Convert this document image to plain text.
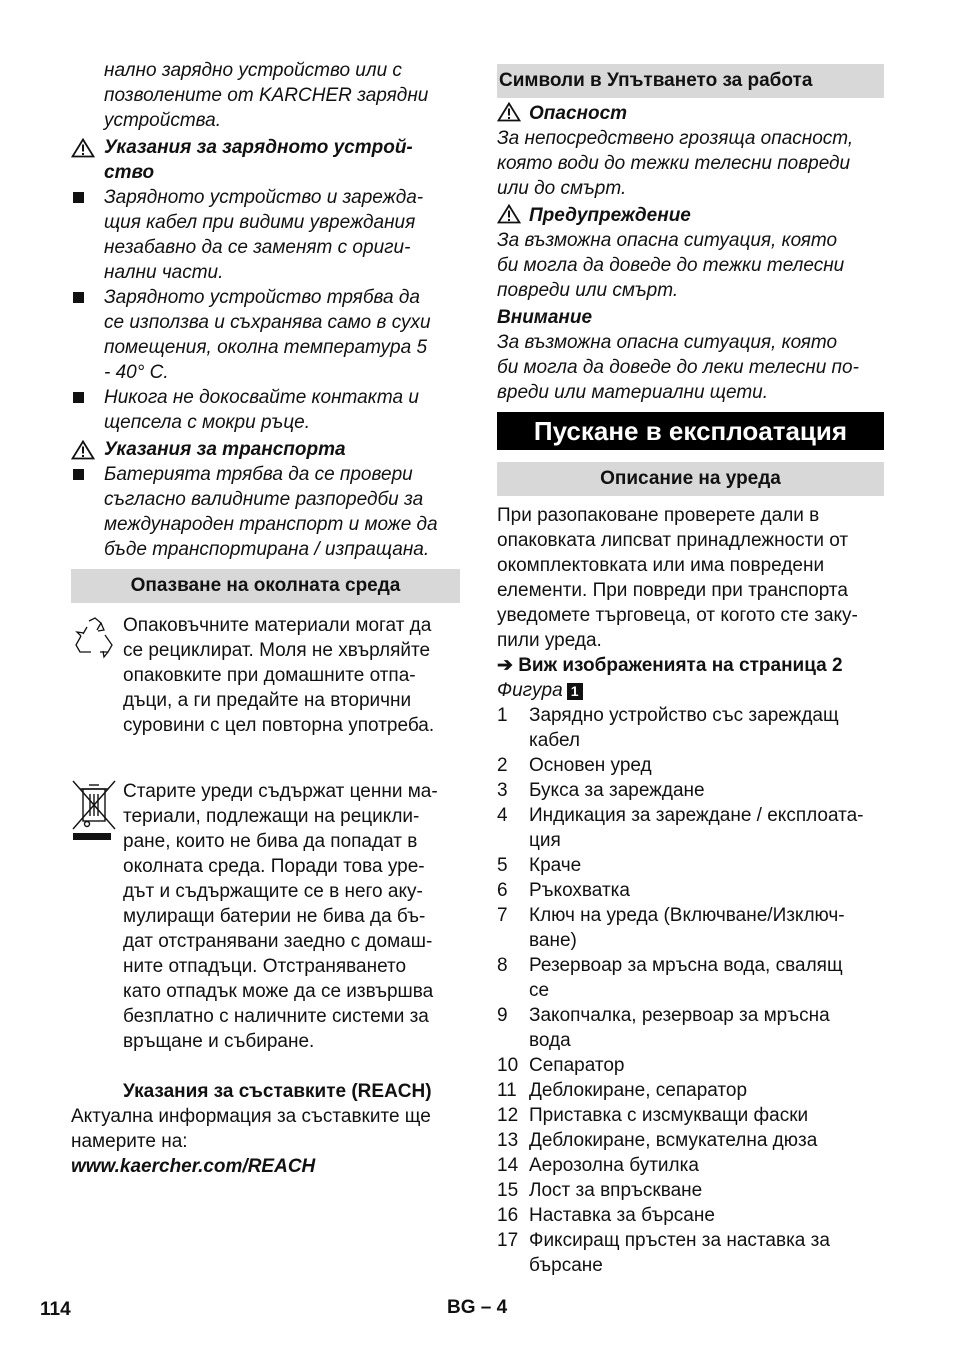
нално зарядно устройство или с
позволените от KARCHER зарядни
устройства.
Указания за зарядното устрой-
ство
Зарядното устройство и зарежда-
щия кабел при видими увреждания
незабавно да се заменят с ориги-
нални части.
Зарядното устройство трябва да
се използва и съхранява само в сухи
помещения, околна температура 5
- 40° C.
Никога не докосвайте контакта и
щепсела с мокри ръце.
Указания за транспорта
Батерията трябва да се провери
съгласно валидните разпоредби за
международен транспорт и може да
бъде транспортирана / изпращана.
Опазване на околната среда
Опаковъчните материали могат да
се рециклират. Моля не хвърляйте
опаковките при домашните отпа-
дъци, а ги предайте на вторични
суровини с цел повторна употреба.
Старите уреди съдържат ценни ма-
териали, подлежащи на рецикли-
ране, които не бива да попадат в
околната среда. Поради това уре-
дът и съдържащите се в него аку-
мулиращи батерии не бива да бъ-
дат отстранявани заедно с домаш-
ните отпадъци. Отстраняването
като отпадък може да се извършва
безплатно с наличните системи за
връщане и събиране.
Указания за съставките (REACH)
Актуална информация за съставките ще
намерите на:
www.kaercher.com/REACH
Символи в Упътването за работа
Опасност
За непосредствено грозяща опасност,
която води до тежки телесни повреди
или до смърт.
Предупреждение
За възможна опасна ситуация, която
би могла да доведе до тежки телесни
повреди или смърт.
Внимание
За възможна опасна ситуация, която
би могла да доведе до леки телесни по-
вреди или материални щети.
Пускане в експлоатация
Описание на уреда
При разопаковане проверете дали в
опаковката липсват принадлежности от
окомплектовката или има повредени
елементи. При повреди при транспорта
уведомете търговеца, от когото сте заку-
пили уреда.
➔ Виж изображенията на страница 2
Фигура 1
1	Зарядно устройство със зареждащ
кабел
2	Основен уред
3	Букса за зареждане
4	Индикация за зареждане / експлоата-
ция
5	Краче
6	Ръкохватка
7	Ключ на уреда (Включване/Изключ-
ване)
8	Резервоар за мръсна вода, свалящ
се
9	Закопчалка, резервоар за мръсна
вода
10 Сепаратор
11 Деблокиране, сепаратор
12 Приставка с изсмукващи фаски
13 Деблокиране, всмукателна дюза
14 Аерозолна бутилка
15 Лост за впръскване
16 Наставка за бърсане
17 Фиксиращ пръстен за наставка за
бърсане
114	BG – 4
